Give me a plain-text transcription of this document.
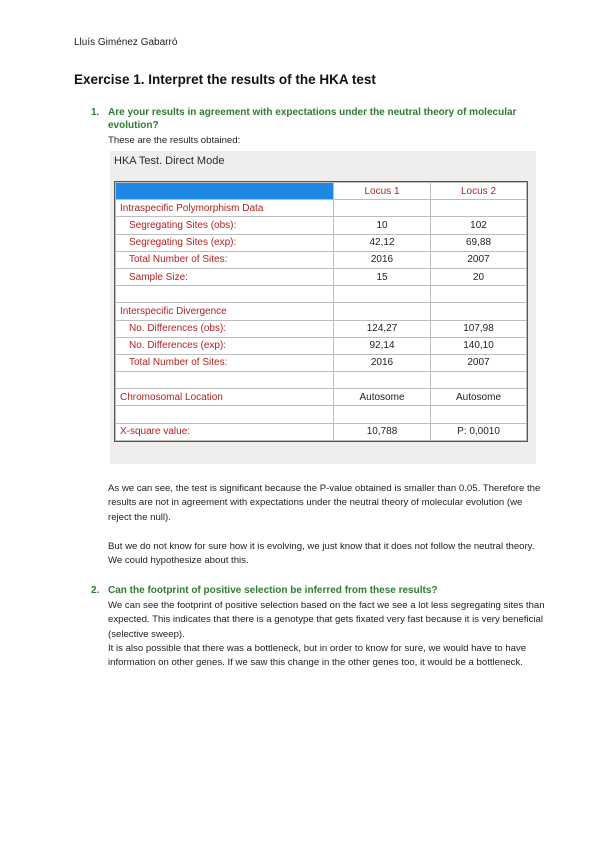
Lluís Giménez Gabarró
Exercise 1. Interpret the results of the HKA test
1. Are your results in agreement with expectations under the neutral theory of molecular evolution?
These are the results obtained:
HKA Test. Direct Mode
	Locus 1	Locus 2
Intraspecific Polymorphism Data		
Segregating Sites (obs):	10	102
Segregating Sites (exp):	42,12	69,88
Total Number of Sites:	2016	2007
Sample Size:	15	20

Interspecific Divergence		
No. Differences (obs):	124,27	107,98
No. Differences (exp):	92,14	140,10
Total Number of Sites:	2016	2007

Chromosomal Location	Autosome	Autosome

X-square value:	10,788	P: 0,0010
As we can see, the test is significant because the P-value obtained is smaller than 0.05. Therefore the results are not in agreement with expectations under the neutral theory of molecular evolution (we reject the null).
But we do not know for sure how it is evolving, we just know that it does not follow the neutral theory. We could hypothesize about this.
2. Can the footprint of positive selection be inferred from these results?
We can see the footprint of positive selection based on the fact we see a lot less segregating sites than expected. This indicates that there is a genotype that gets fixated very fast because it is very beneficial (selective sweep).
It is also possible that there was a bottleneck, but in order to know for sure, we would have to have information on other genes. If we saw this change in the other genes too, it would be a bottleneck.
